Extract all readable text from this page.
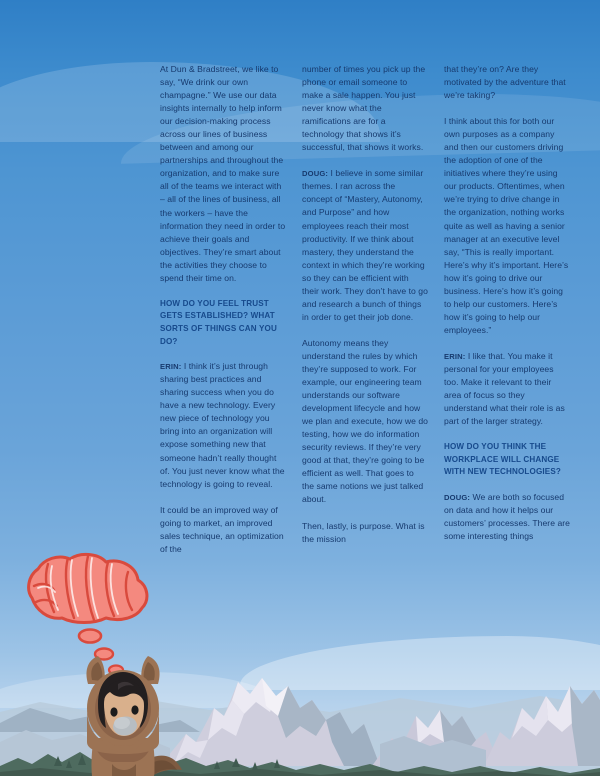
At Dun & Bradstreet, we like to say, “We drink our own champagne.” We use our data insights internally to help inform our decision-making process across our lines of business between and among our partnerships and throughout the organization, and to make sure all of the teams we interact with – all of the lines of business, all the workers – have the information they need in order to achieve their goals and objectives. They’re smart about the activities they choose to spend their time on.

HOW DO YOU FEEL TRUST GETS ESTABLISHED? WHAT SORTS OF THINGS CAN YOU DO?

ERIN: I think it’s just through sharing best practices and sharing success when you do have a new technology. Every new piece of technology you bring into an organization will expose something new that someone hadn’t really thought of. You just never know what the technology is going to reveal.

It could be an improved way of going to market, an improved sales technique, an optimization of the

number of times you pick up the phone or email someone to make a sale happen. You just never know what the ramifications are for a technology that shows it’s successful, that shows it works.

DOUG: I believe in some similar themes. I ran across the concept of “Mastery, Autonomy, and Purpose” and how employees reach their most productivity. If we think about mastery, they understand the context in which they’re working so they can be efficient with their work. They don’t have to go and research a bunch of things in order to get their job done.

Autonomy means they understand the rules by which they’re supposed to work. For example, our engineering team understands our software development lifecycle and how we plan and execute, how we do testing, how we do information security reviews. If they’re very good at that, they’re going to be efficient as well. That goes to the same notions we just talked about.

Then, lastly, is purpose. What is the mission

that they’re on? Are they motivated by the adventure that we’re taking?

I think about this for both our own purposes as a company and then our customers driving the adoption of one of the initiatives where they’re using our products. Oftentimes, when we’re trying to drive change in the organization, nothing works quite as well as having a senior manager at an executive level say, “This is really important. Here’s why it’s important. Here’s how it’s going to drive our business. Here’s how it’s going to help our customers. Here’s how it’s going to help our employees.”

ERIN: I like that. You make it personal for your employees too. Make it relevant to their area of focus so they understand what their role is as part of the larger strategy.

HOW DO YOU THINK THE WORKPLACE WILL CHANGE WITH NEW TECHNOLOGIES?

DOUG: We are both so focused on data and how it helps our customers’ processes. There are some interesting things
